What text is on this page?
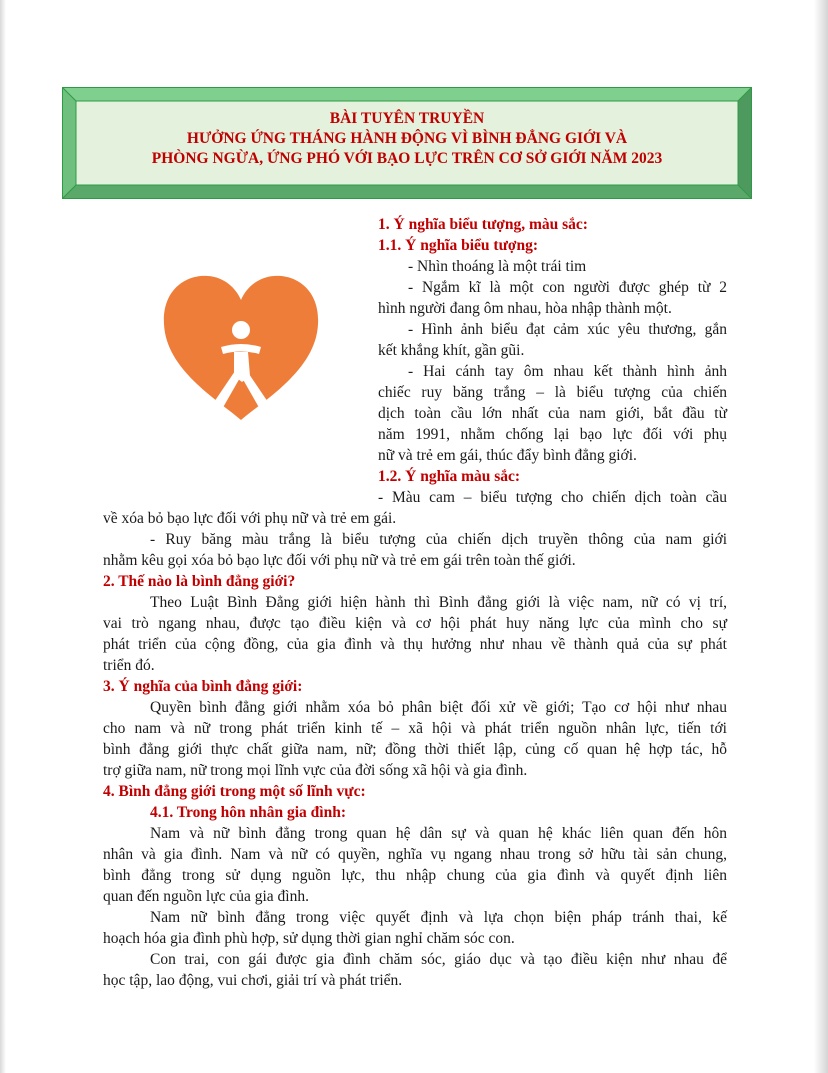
BÀI TUYÊN TRUYỀN
HƯỞNG ỨNG THÁNG HÀNH ĐỘNG VÌ BÌNH ĐẲNG GIỚI VÀ
PHÒNG NGỪA, ỨNG PHÓ VỚI BẠO LỰC TRÊN CƠ SỞ GIỚI NĂM 2023
1. Ý nghĩa biểu tượng, màu sắc:
1.1. Ý nghĩa biểu tượng:
- Nhìn thoáng là một trái tim
- Ngắm kĩ là một con người được ghép từ 2
hình người đang ôm nhau, hòa nhập thành một.
- Hình ảnh biểu đạt cảm xúc yêu thương, gắn
kết khắng khít, gần gũi.
- Hai cánh tay ôm nhau kết thành hình ảnh
chiếc ruy băng trắng – là biểu tượng của chiến
dịch toàn cầu lớn nhất của nam giới, bắt đầu từ
năm 1991, nhằm chống lại bạo lực đối với phụ
nữ và trẻ em gái, thúc đẩy bình đẳng giới.
1.2. Ý nghĩa màu sắc:
- Màu cam – biểu tượng cho chiến dịch toàn cầu
về xóa bỏ bạo lực đối với phụ nữ và trẻ em gái.
- Ruy băng màu trắng là biểu tượng của chiến dịch truyền thông của nam giới
nhằm kêu gọi xóa bỏ bạo lực đối với phụ nữ và trẻ em gái trên toàn thế giới.
2. Thế nào là bình đẳng giới?
Theo Luật Bình Đẳng giới hiện hành thì Bình đẳng giới là việc nam, nữ có vị trí,
vai trò ngang nhau, được tạo điều kiện và cơ hội phát huy năng lực của mình cho sự
phát triển của cộng đồng, của gia đình và thụ hưởng như nhau về thành quả của sự phát
triển đó.
3. Ý nghĩa của bình đẳng giới:
Quyền bình đẳng giới nhằm xóa bỏ phân biệt đối xử về giới; Tạo cơ hội như nhau
cho nam và nữ trong phát triển kinh tế – xã hội và phát triển nguồn nhân lực, tiến tới
bình đẳng giới thực chất giữa nam, nữ; đồng thời thiết lập, củng cố quan hệ hợp tác, hỗ
trợ giữa nam, nữ trong mọi lĩnh vực của đời sống xã hội và gia đình.
4. Bình đẳng giới trong một số lĩnh vực:
4.1. Trong hôn nhân gia đình:
Nam và nữ bình đẳng trong quan hệ dân sự và quan hệ khác liên quan đến hôn
nhân và gia đình. Nam và nữ có quyền, nghĩa vụ ngang nhau trong sở hữu tài sản chung,
bình đẳng trong sử dụng nguồn lực, thu nhập chung của gia đình và quyết định liên
quan đến nguồn lực của gia đình.
Nam nữ bình đẳng trong việc quyết định và lựa chọn biện pháp tránh thai, kế
hoạch hóa gia đình phù hợp, sử dụng thời gian nghỉ chăm sóc con.
Con trai, con gái được gia đình chăm sóc, giáo dục và tạo điều kiện như nhau để
học tập, lao động, vui chơi, giải trí và phát triển.
